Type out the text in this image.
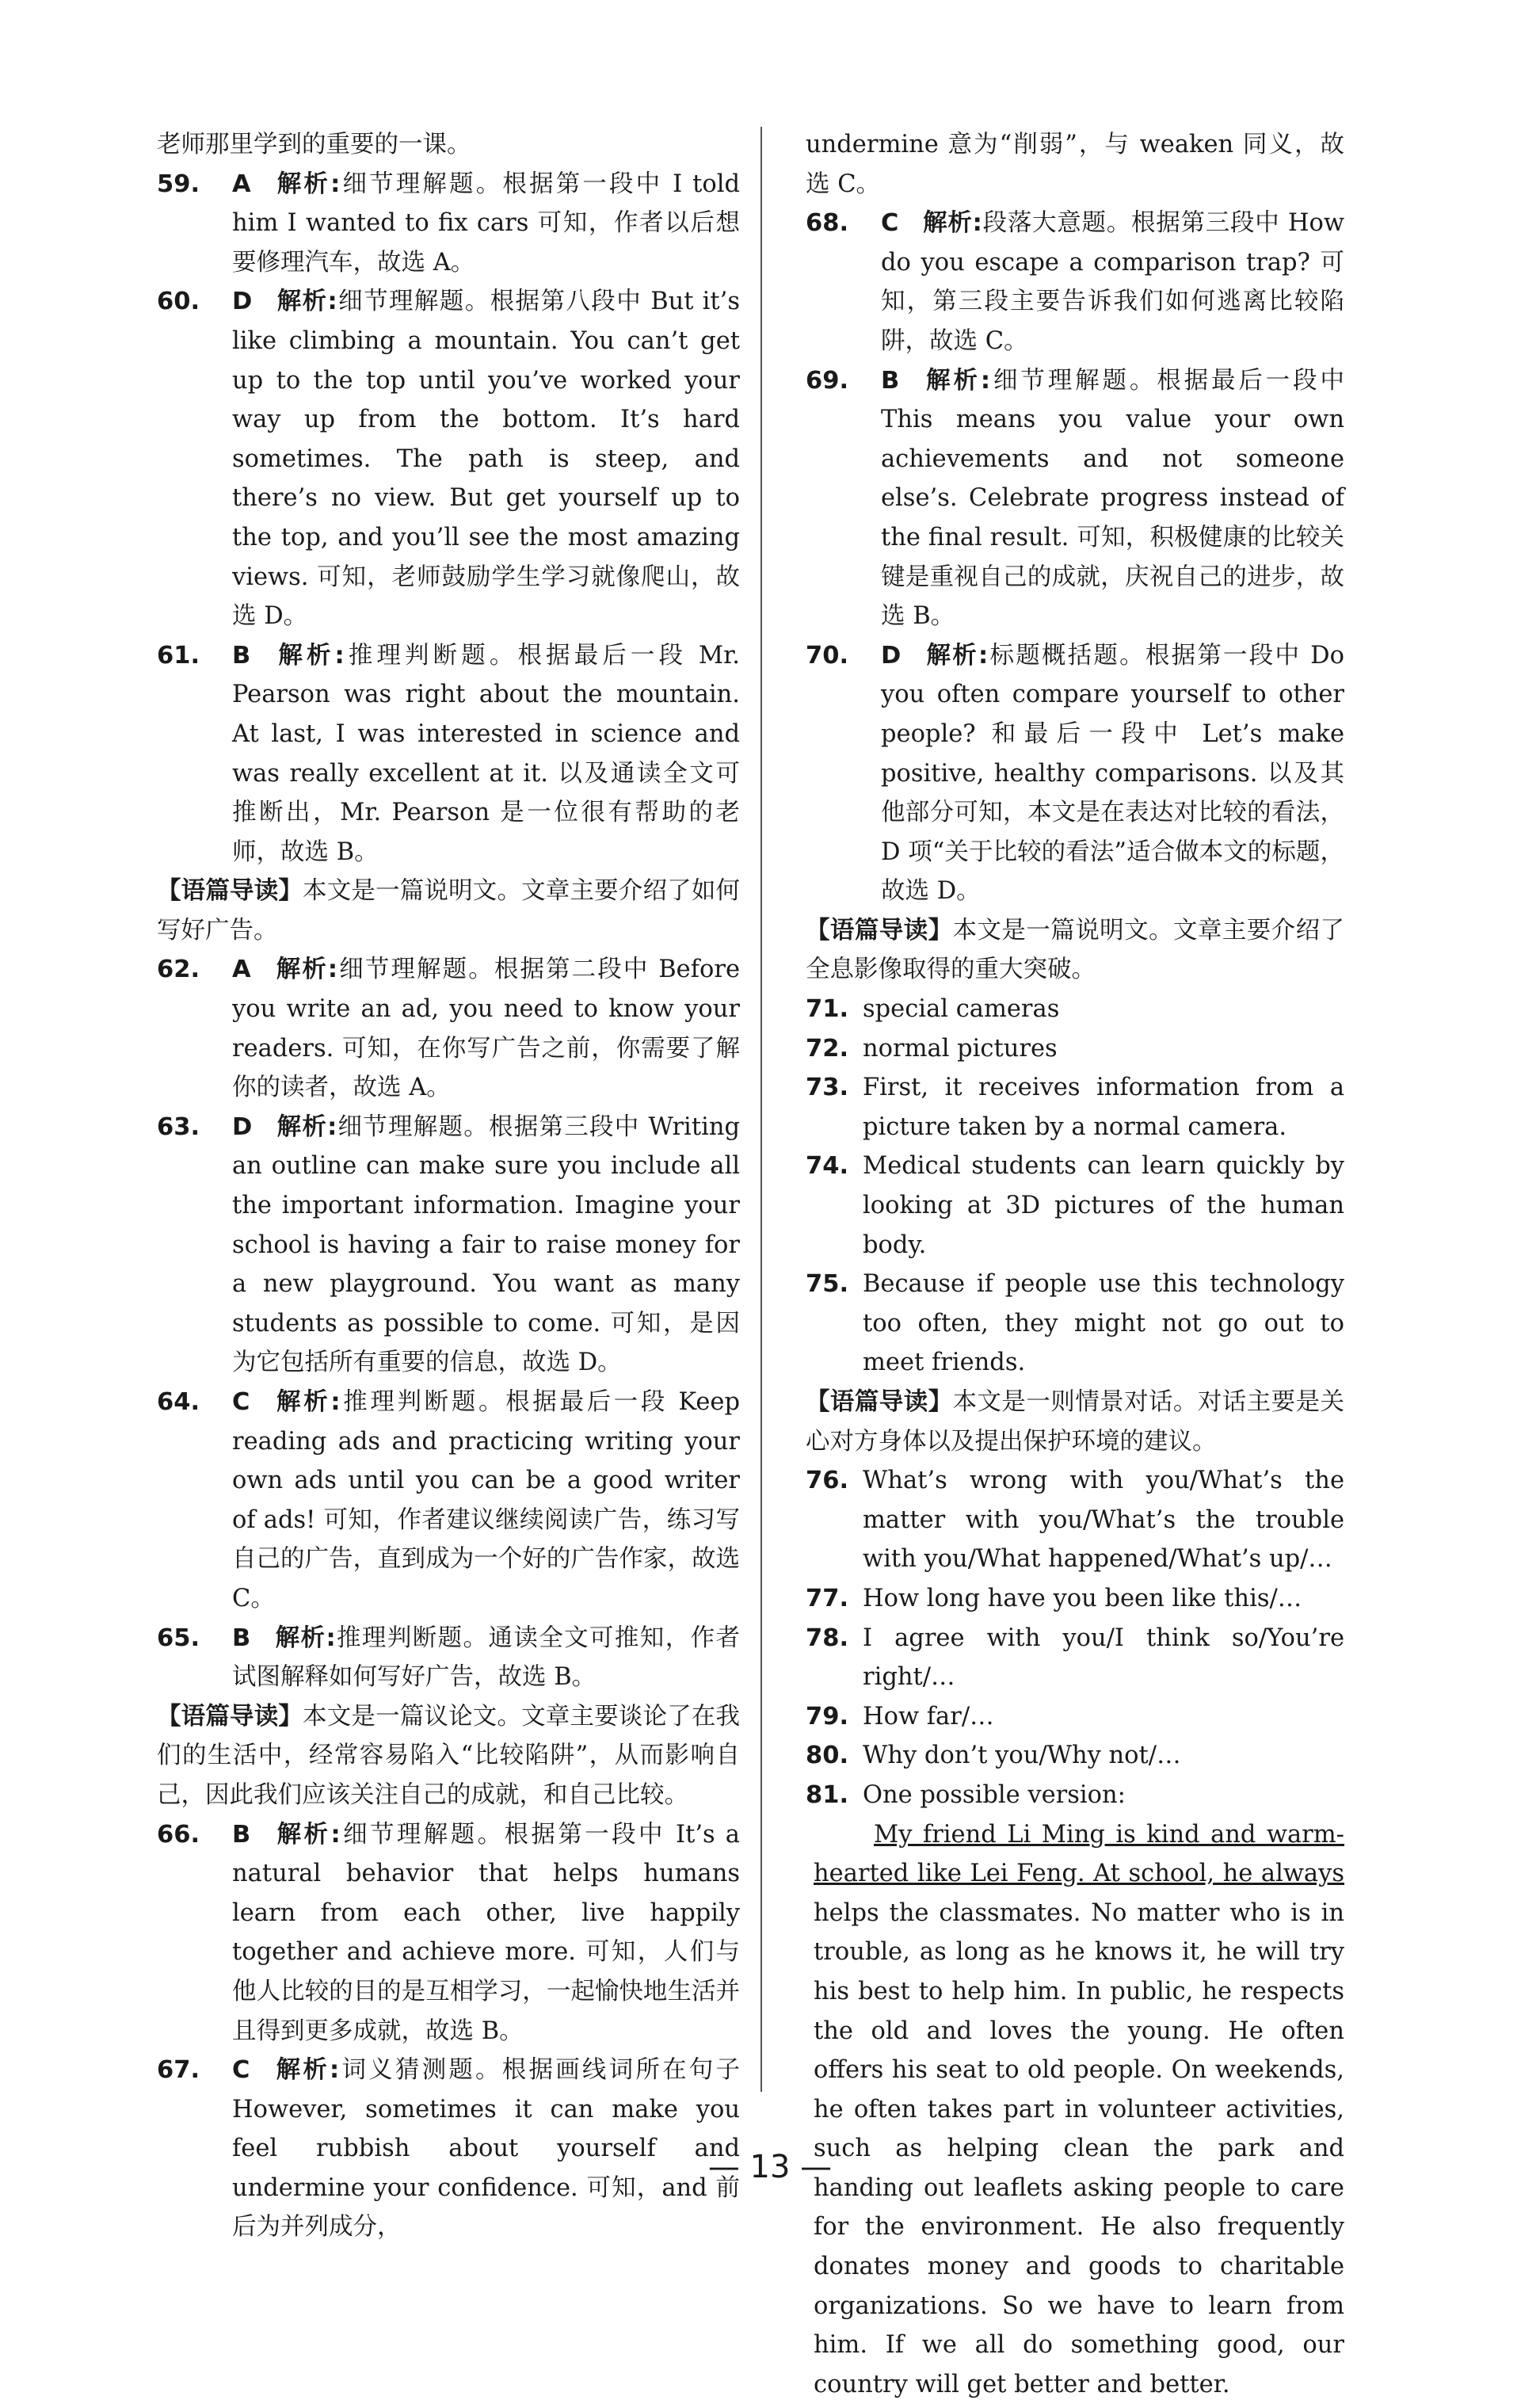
老师那里学到的重要的一课。
59. A 解析:细节理解题。根据第一段中 I told him I wanted to fix cars 可知，作者以后想要修理汽车，故选 A。
60. D 解析:细节理解题。根据第八段中 But it’s like climbing a mountain. You can’t get up to the top until you’ve worked your way up from the bottom. It’s hard sometimes. The path is steep, and there’s no view. But get yourself up to the top, and you’ll see the most amazing views. 可知，老师鼓励学生学习就像爬山，故选 D。
61. B 解析:推理判断题。根据最后一段 Mr. Pearson was right about the mountain. At last, I was interested in science and was really excellent at it. 以及通读全文可推断出，Mr. Pearson 是一位很有帮助的老师，故选 B。
【语篇导读】本文是一篇说明文。文章主要介绍了如何写好广告。
62. A 解析:细节理解题。根据第二段中 Before you write an ad, you need to know your readers. 可知，在你写广告之前，你需要了解你的读者，故选 A。
63. D 解析:细节理解题。根据第三段中 Writing an outline can make sure you include all the important information. Imagine your school is having a fair to raise money for a new playground. You want as many students as possible to come. 可知，是因为它包括所有重要的信息，故选 D。
64. C 解析:推理判断题。根据最后一段 Keep reading ads and practicing writing your own ads until you can be a good writer of ads! 可知，作者建议继续阅读广告，练习写自己的广告，直到成为一个好的广告作家，故选 C。
65. B 解析:推理判断题。通读全文可推知，作者试图解释如何写好广告，故选 B。
【语篇导读】本文是一篇议论文。文章主要谈论了在我们的生活中，经常容易陷入“比较陷阱”，从而影响自己，因此我们应该关注自己的成就，和自己比较。
66. B 解析:细节理解题。根据第一段中 It’s a natural behavior that helps humans learn from each other, live happily together and achieve more. 可知，人们与他人比较的目的是互相学习，一起愉快地生活并且得到更多成就，故选 B。
67. C 解析:词义猜测题。根据画线词所在句子 However, sometimes it can make you feel rubbish about yourself and undermine your confidence. 可知，and 前后为并列成分，
undermine 意为“削弱”，与 weaken 同义，故选 C。
68. C 解析:段落大意题。根据第三段中 How do you escape a comparison trap? 可知，第三段主要告诉我们如何逃离比较陷阱，故选 C。
69. B 解析:细节理解题。根据最后一段中 This means you value your own achievements and not someone else’s. Celebrate progress instead of the final result. 可知，积极健康的比较关键是重视自己的成就，庆祝自己的进步，故选 B。
70. D 解析:标题概括题。根据第一段中 Do you often compare yourself to other people? 和最后一段中 Let’s make positive, healthy comparisons. 以及其他部分可知，本文是在表达对比较的看法，D 项“关于比较的看法”适合做本文的标题，故选 D。
【语篇导读】本文是一篇说明文。文章主要介绍了全息影像取得的重大突破。
71. special cameras
72. normal pictures
73. First, it receives information from a picture taken by a normal camera.
74. Medical students can learn quickly by looking at 3D pictures of the human body.
75. Because if people use this technology too often, they might not go out to meet friends.
【语篇导读】本文是一则情景对话。对话主要是关心对方身体以及提出保护环境的建议。
76. What’s wrong with you/What’s the matter with you/What’s the trouble with you/What happened/What’s up/…
77. How long have you been like this/…
78. I agree with you/I think so/You’re right/…
79. How far/…
80. Why don’t you/Why not/…
81. One possible version:
My friend Li Ming is kind and warm-hearted like Lei Feng. At school, he always helps the classmates. No matter who is in trouble, as long as he knows it, he will try his best to help him. In public, he respects the old and loves the young. He often offers his seat to old people. On weekends, he often takes part in volunteer activities, such as helping clean the park and handing out leaflets asking people to care for the environment. He also frequently donates money and goods to charitable organizations. So we have to learn from him. If we all do something good, our country will get better and better.
— 13 —
